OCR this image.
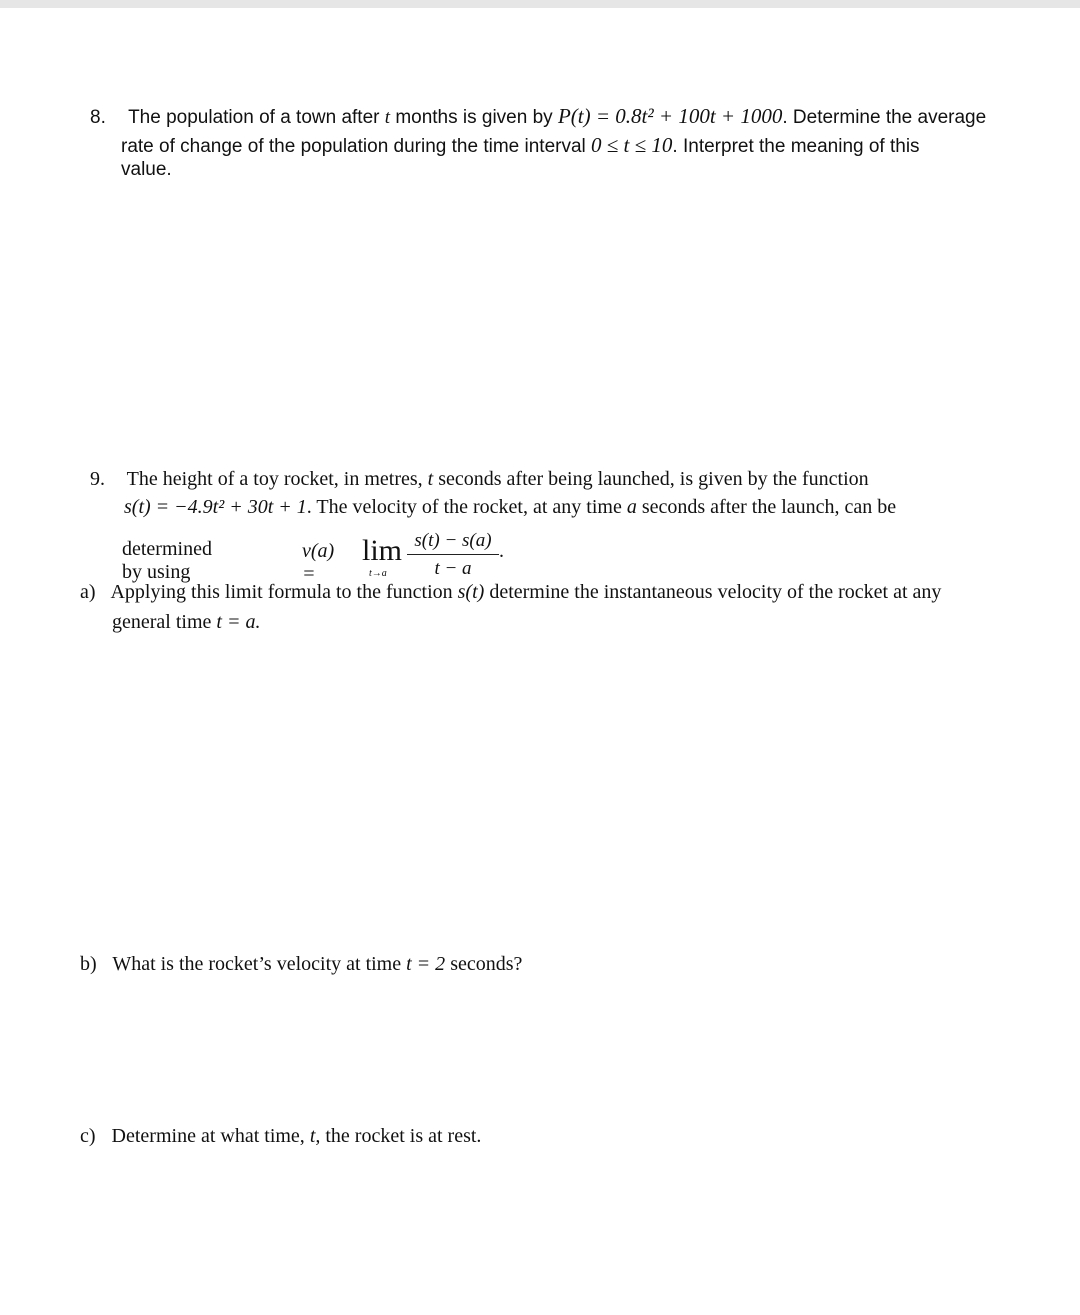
8. The population of a town after t months is given by P(t) = 0.8t² + 100t + 1000. Determine the average
rate of change of the population during the time interval 0 ≤ t ≤ 10. Interpret the meaning of this
value.
9. The height of a toy rocket, in metres, t seconds after being launched, is given by the function
s(t) = −4.9t² + 30t + 1. The velocity of the rocket, at any time a seconds after the launch, can be
determined by using
v(a) =
lim
t→a
s(t) − s(a)
t − a
.
a) Applying this limit formula to the function s(t) determine the instantaneous velocity of the rocket at any
general time t = a.
b) What is the rocket’s velocity at time t = 2 seconds?
c) Determine at what time, t, the rocket is at rest.
